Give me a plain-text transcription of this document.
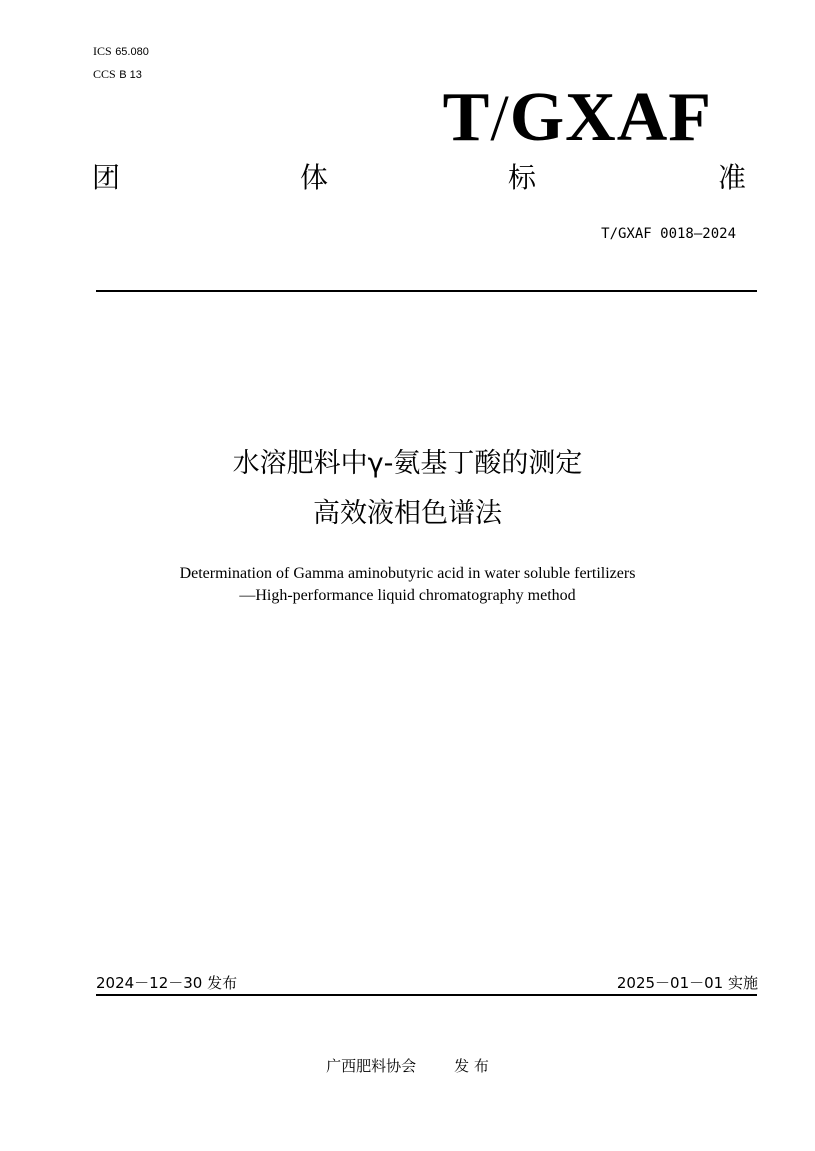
ICS 65.080
CCS B 13
T/GXAF
团	体	标	准
T/GXAF 0018—2024
水溶肥料中γ-氨基丁酸的测定
高效液相色谱法
Determination of Gamma aminobutyric acid in water soluble fertilizers
—High-performance liquid chromatography method
2024－12－30 发布	2025－01－01 实施
广西肥料协会	发 布
